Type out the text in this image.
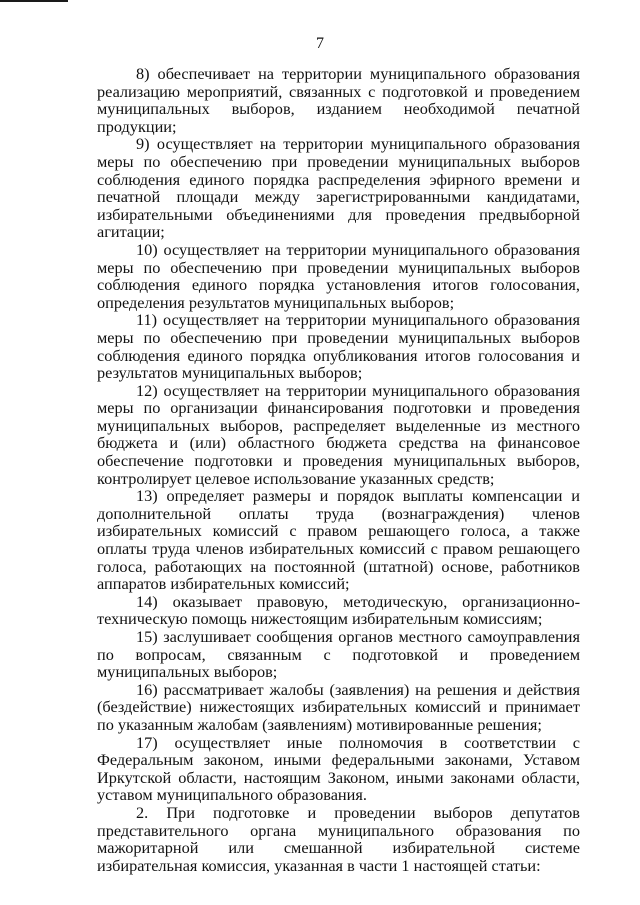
7

8) обеспечивает на территории муниципального образования реализацию мероприятий, связанных с подготовкой и проведением муниципальных выборов, изданием необходимой печатной продукции;

9) осуществляет на территории муниципального образования меры по обеспечению при проведении муниципальных выборов соблюдения единого порядка распределения эфирного времени и печатной площади между зарегистрированными кандидатами, избирательными объединениями для проведения предвыборной агитации;

10) осуществляет на территории муниципального образования меры по обеспечению при проведении муниципальных выборов соблюдения единого порядка установления итогов голосования, определения результатов муниципальных выборов;

11) осуществляет на территории муниципального образования меры по обеспечению при проведении муниципальных выборов соблюдения единого порядка опубликования итогов голосования и результатов муниципальных выборов;

12) осуществляет на территории муниципального образования меры по организации финансирования подготовки и проведения муниципальных выборов, распределяет выделенные из местного бюджета и (или) областного бюджета средства на финансовое обеспечение подготовки и проведения муниципальных выборов, контролирует целевое использование указанных средств;

13) определяет размеры и порядок выплаты компенсации и дополнительной оплаты труда (вознаграждения) членов избирательных комиссий с правом решающего голоса, а также оплаты труда членов избирательных комиссий с правом решающего голоса, работающих на постоянной (штатной) основе, работников аппаратов избирательных комиссий;

14) оказывает правовую, методическую, организационно-техническую помощь нижестоящим избирательным комиссиям;

15) заслушивает сообщения органов местного самоуправления по вопросам, связанным с подготовкой и проведением муниципальных выборов;

16) рассматривает жалобы (заявления) на решения и действия (бездействие) нижестоящих избирательных комиссий и принимает по указанным жалобам (заявлениям) мотивированные решения;

17) осуществляет иные полномочия в соответствии с Федеральным законом, иными федеральными законами, Уставом Иркутской области, настоящим Законом, иными законами области, уставом муниципального образования.

2. При подготовке и проведении выборов депутатов представительного органа муниципального образования по мажоритарной или смешанной избирательной системе избирательная комиссия, указанная в части 1 настоящей статьи:
